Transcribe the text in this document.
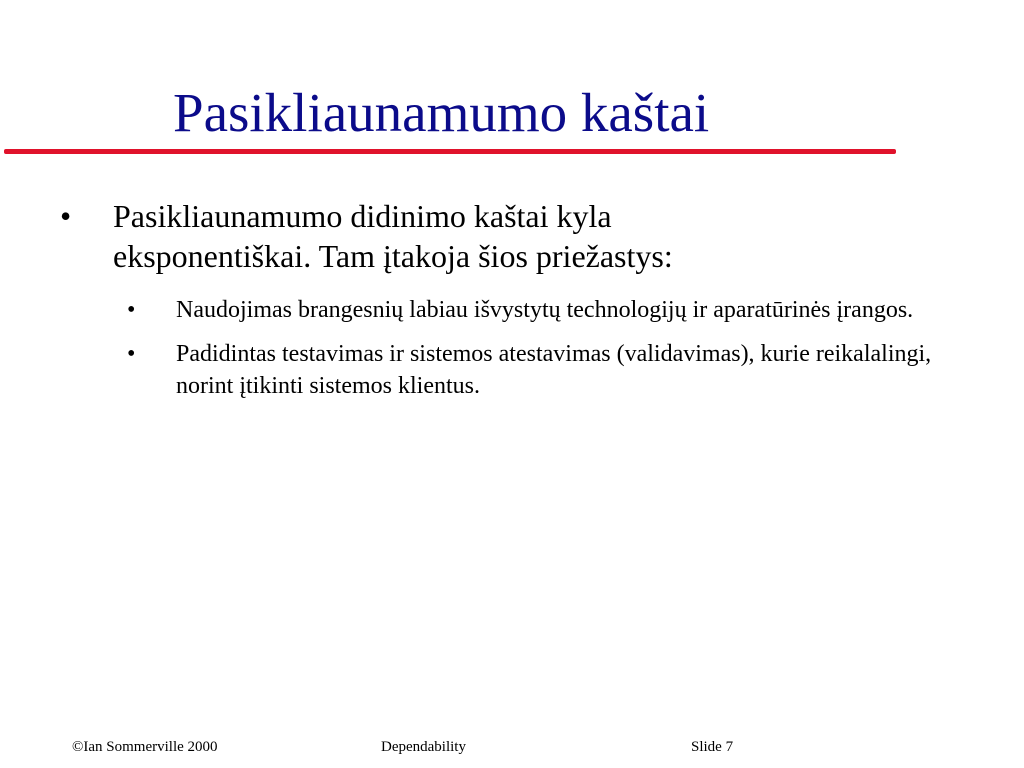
Pasikliaunamumo kaštai
• Pasikliaunamumo didinimo kaštai kyla eksponentiškai. Tam įtakoja šios priežastys:
• Naudojimas brangesnių labiau išvystytų technologijų ir aparatūrinės įrangos.
• Padidintas testavimas ir sistemos atestavimas (validavimas), kurie reikalalingi, norint įtikinti sistemos klientus.
©Ian Sommerville 2000	Dependability	Slide 7
